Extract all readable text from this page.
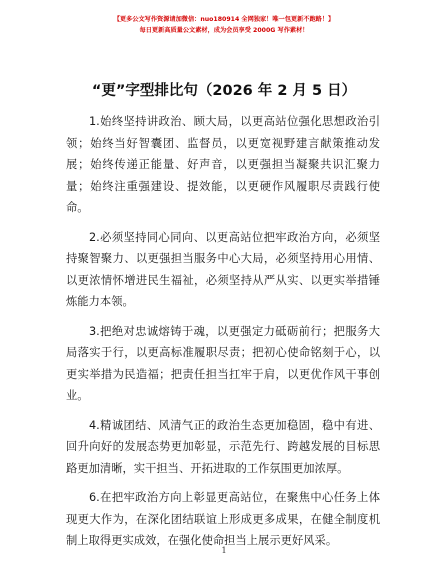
【更多公文写作资源请加微信：nuo180914 全网独家！唯一包更新不跑路！】
每日更新高质量公文素材，成为会员享受 2000G 写作素材！
“更”字型排比句（2026 年 2 月 5 日）

1.始终坚持讲政治、顾大局，以更高站位强化思想政治引领；始终当好智囊团、监督员，以更宽视野建言献策推动发展；始终传递正能量、好声音，以更强担当凝聚共识汇聚力量；始终注重强建设、提效能，以更硬作风履职尽责践行使命。

2.必须坚持同心同向、以更高站位把牢政治方向，必须坚持聚智聚力、以更强担当服务中心大局，必须坚持用心用情、以更浓情怀增进民生福祉，必须坚持从严从实、以更实举措锤炼能力本领。

3.把绝对忠诚熔铸于魂，以更强定力砥砺前行；把服务大局落实于行，以更高标准履职尽责；把初心使命铭刻于心，以更实举措为民造福；把责任担当扛牢于肩，以更优作风干事创业。

4.精诚团结、风清气正的政治生态更加稳固，稳中有进、回升向好的发展态势更加彰显，示范先行、跨越发展的目标思路更加清晰，实干担当、开拓进取的工作氛围更加浓厚。

6.在把牢政治方向上彰显更高站位，在聚焦中心任务上体现更大作为，在深化团结联谊上形成更多成果，在健全制度机制上取得更实成效，在强化使命担当上展示更好风采。

1
